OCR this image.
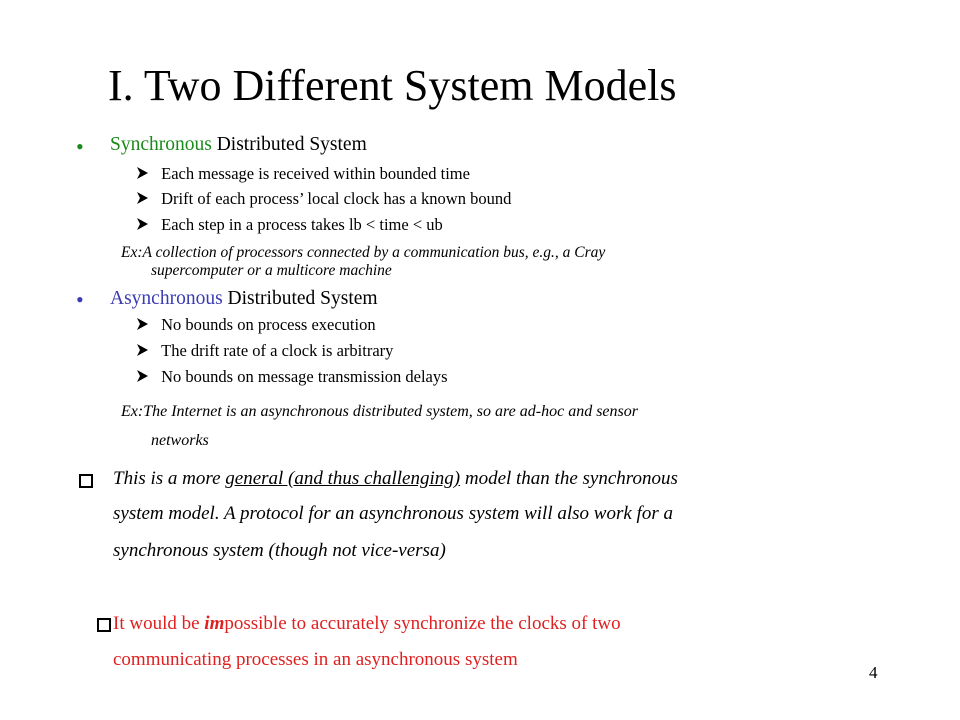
I. Two Different System Models
• Synchronous Distributed System
Each message is received within bounded time
Drift of each process’ local clock has a known bound
Each step in a process takes lb < time < ub
Ex:A collection of processors connected by a communication bus, e.g., a Cray
supercomputer or a multicore machine
• Asynchronous Distributed System
No bounds on process execution
The drift rate of a clock is arbitrary
No bounds on message transmission delays
Ex:The Internet is an asynchronous distributed system, so are ad-hoc and sensor
networks

This is a more general (and thus challenging) model than the synchronous
system model. A protocol for an asynchronous system will also work for a
synchronous system (though not vice-versa)
It would be impossible to accurately synchronize the clocks of two
communicating processes in an asynchronous system
4
